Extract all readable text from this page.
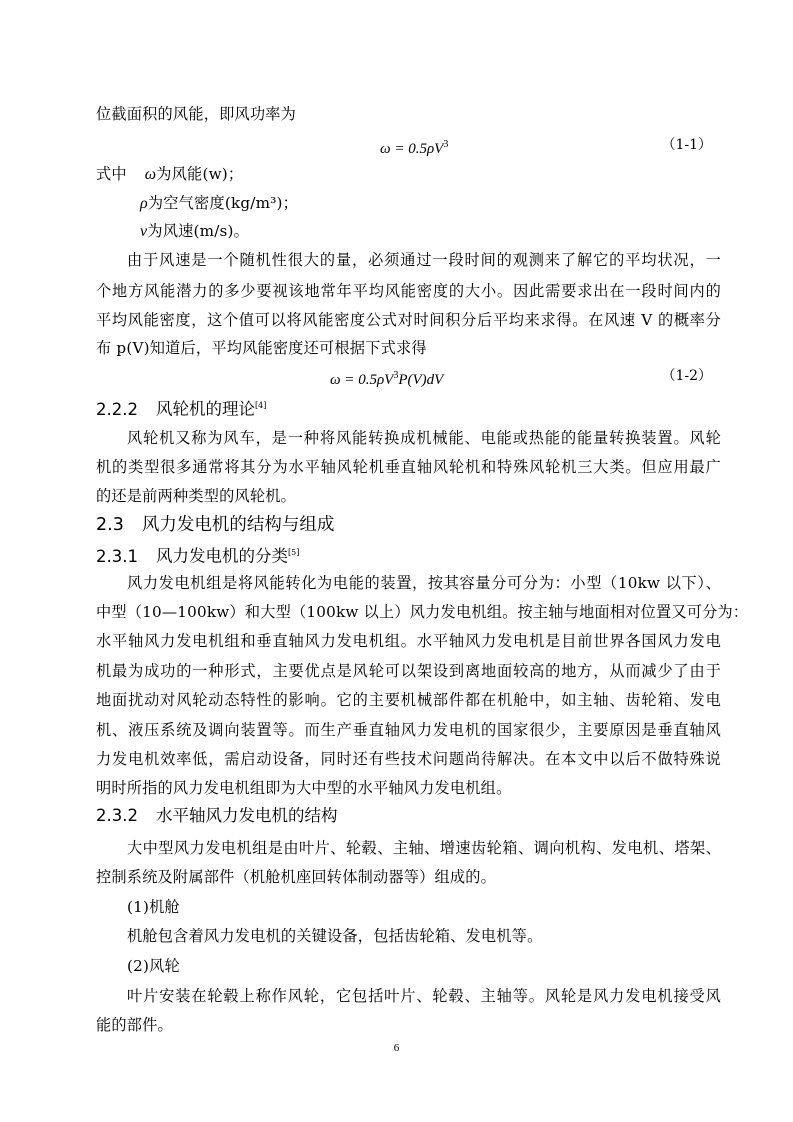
位截面积的风能，即风功率为
$\omega = 0.5\rho V^3$	（1-1）
式中 ω为风能(w)；
ρ为空气密度(kg/m³)；
v为风速(m/s)。
由于风速是一个随机性很大的量，必须通过一段时间的观测来了解它的平均状况，一
个地方风能潜力的多少要视该地常年平均风能密度的大小。因此需要求出在一段时间内的
平均风能密度，这个值可以将风能密度公式对时间积分后平均来求得。在风速 V 的概率分
布 p(V)知道后，平均风能密度还可根据下式求得
$\omega = 0.5\rho V^3P(V)dV$	（1-2）
2.2.2 风轮机的理论[4]
风轮机又称为风车，是一种将风能转换成机械能、电能或热能的能量转换装置。风轮
机的类型很多通常将其分为水平轴风轮机垂直轴风轮机和特殊风轮机三大类。但应用最广
的还是前两种类型的风轮机。
2.3 风力发电机的结构与组成
2.3.1 风力发电机的分类[5]
风力发电机组是将风能转化为电能的装置，按其容量分可分为：小型（10kw 以下）、
中型（10—100kw）和大型（100kw 以上）风力发电机组。按主轴与地面相对位置又可分为：
水平轴风力发电机组和垂直轴风力发电机组。水平轴风力发电机是目前世界各国风力发电
机最为成功的一种形式，主要优点是风轮可以架设到离地面较高的地方，从而减少了由于
地面扰动对风轮动态特性的影响。它的主要机械部件都在机舱中，如主轴、齿轮箱、发电
机、液压系统及调向装置等。而生产垂直轴风力发电机的国家很少，主要原因是垂直轴风
力发电机效率低，需启动设备，同时还有些技术问题尚待解决。在本文中以后不做特殊说
明时所指的风力发电机组即为大中型的水平轴风力发电机组。
2.3.2 水平轴风力发电机的结构
大中型风力发电机组是由叶片、轮毂、主轴、增速齿轮箱、调向机构、发电机、塔架、
控制系统及附属部件（机舱机座回转体制动器等）组成的。
(1)机舱
机舱包含着风力发电机的关键设备，包括齿轮箱、发电机等。
(2)风轮
叶片安装在轮毂上称作风轮，它包括叶片、轮毂、主轴等。风轮是风力发电机接受风
能的部件。
6
